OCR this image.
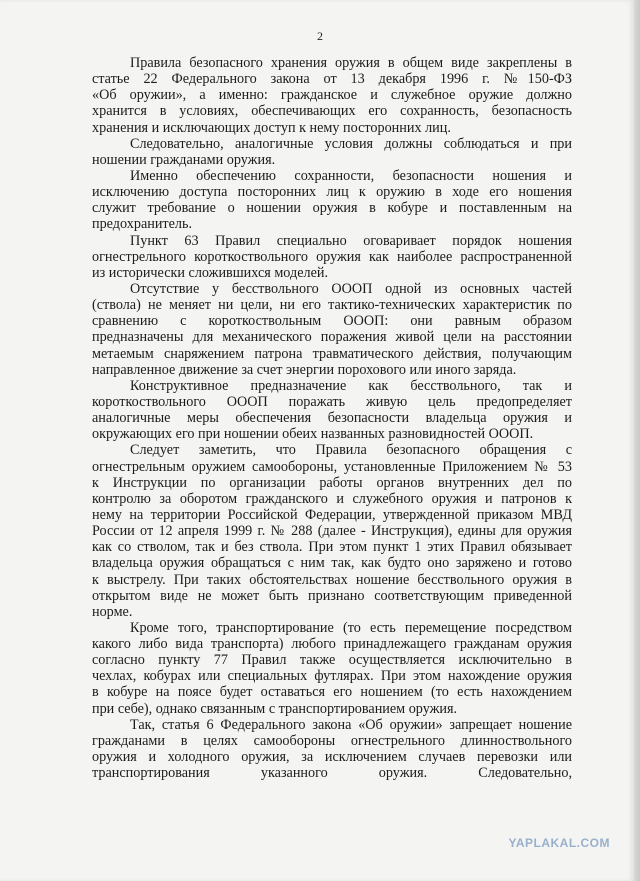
2
Правила безопасного хранения оружия в общем виде закреплены в
статье 22 Федерального закона от 13 декабря 1996 г. №150-ФЗ
«Об оружии», а именно: гражданское и служебное оружие должно
хранится в условиях, обеспечивающих его сохранность, безопасность
хранения и исключающих доступ к нему посторонних лиц.
Следовательно, аналогичные условия должны соблюдаться и при
ношении гражданами оружия.
Именно обеспечению сохранности, безопасности ношения и
исключению доступа посторонних лиц к оружию в ходе его ношения
служит требование о ношении оружия в кобуре и поставленным на
предохранитель.
Пункт 63 Правил специально оговаривает порядок ношения
огнестрельного короткоствольного оружия как наиболее распространенной
из исторически сложившихся моделей.
Отсутствие у бесствольного ОООП одной из основных частей
(ствола) не меняет ни цели, ни его тактико-технических характеристик по
сравнению с короткоствольным ОООП: они равным образом
предназначены для механического поражения живой цели на расстоянии
метаемым снаряжением патрона травматического действия, получающим
направленное движение за счет энергии порохового или иного заряда.
Конструктивное предназначение как бесствольного, так и
короткоствольного ОООП поражать живую цель предопределяет
аналогичные меры обеспечения безопасности владельца оружия и
окружающих его при ношении обеих названных разновидностей ОООП.
Следует заметить, что Правила безопасного обращения с
огнестрельным оружием самообороны, установленные Приложением № 53
к Инструкции по организации работы органов внутренних дел по
контролю за оборотом гражданского и служебного оружия и патронов к
нему на территории Российской Федерации, утвержденной приказом МВД
России от 12 апреля 1999 г. № 288 (далее - Инструкция), едины для оружия
как со стволом, так и без ствола. При этом пункт 1 этих Правил обязывает
владельца оружия обращаться с ним так, как будто оно заряжено и готово
к выстрелу. При таких обстоятельствах ношение бесствольного оружия в
открытом виде не может быть признано соответствующим приведенной
норме.
Кроме того, транспортирование (то есть перемещение посредством
какого либо вида транспорта) любого принадлежащего гражданам оружия
согласно пункту 77 Правил также осуществляется исключительно в
чехлах, кобурах или специальных футлярах. При этом нахождение оружия
в кобуре на поясе будет оставаться его ношением (то есть нахождением
при себе), однако связанным с транспортированием оружия.
Так, статья 6 Федерального закона «Об оружии» запрещает ношение
гражданами в целях самообороны огнестрельного длинноствольного
оружия и холодного оружия, за исключением случаев перевозки или
транспортирования указанного оружия. Следовательно,
YAPLAKAL.COM
